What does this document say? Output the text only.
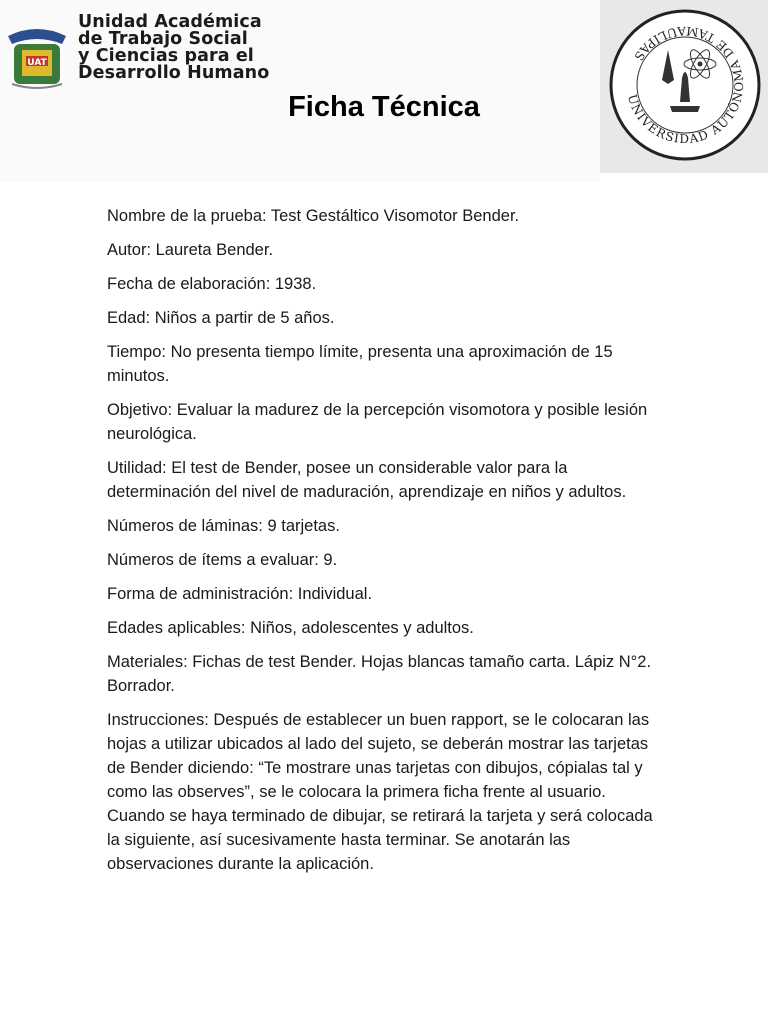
UAT
Unidad Académica
de Trabajo Social
y Ciencias para el
Desarrollo Humano
UNIVERSIDAD AUTÓNOMA DE TAMAULIPAS
Ficha Técnica

Nombre de la prueba: Test Gestáltico Visomotor Bender.

Autor: Laureta Bender.

Fecha de elaboración: 1938.

Edad: Niños a partir de 5 años.

Tiempo: No presenta tiempo límite, presenta una aproximación de 15 minutos.

Objetivo: Evaluar la madurez de la percepción visomotora y posible lesión neurológica.

Utilidad: El test de Bender, posee un considerable valor para la determinación del nivel de maduración, aprendizaje en niños y adultos.

Números de láminas: 9 tarjetas.

Números de ítems a evaluar: 9.

Forma de administración: Individual.

Edades aplicables: Niños, adolescentes y adultos.

Materiales: Fichas de test Bender. Hojas blancas tamaño carta. Lápiz N°2. Borrador.

Instrucciones: Después de establecer un buen rapport, se le colocaran las hojas a utilizar ubicados al lado del sujeto, se deberán mostrar las tarjetas de Bender diciendo: “Te mostrare unas tarjetas con dibujos, cópialas tal y como las observes”, se le colocara la primera ficha frente al usuario. Cuando se haya terminado de dibujar, se retirará la tarjeta y será colocada la siguiente, así sucesivamente hasta terminar. Se anotarán las observaciones durante la aplicación.
